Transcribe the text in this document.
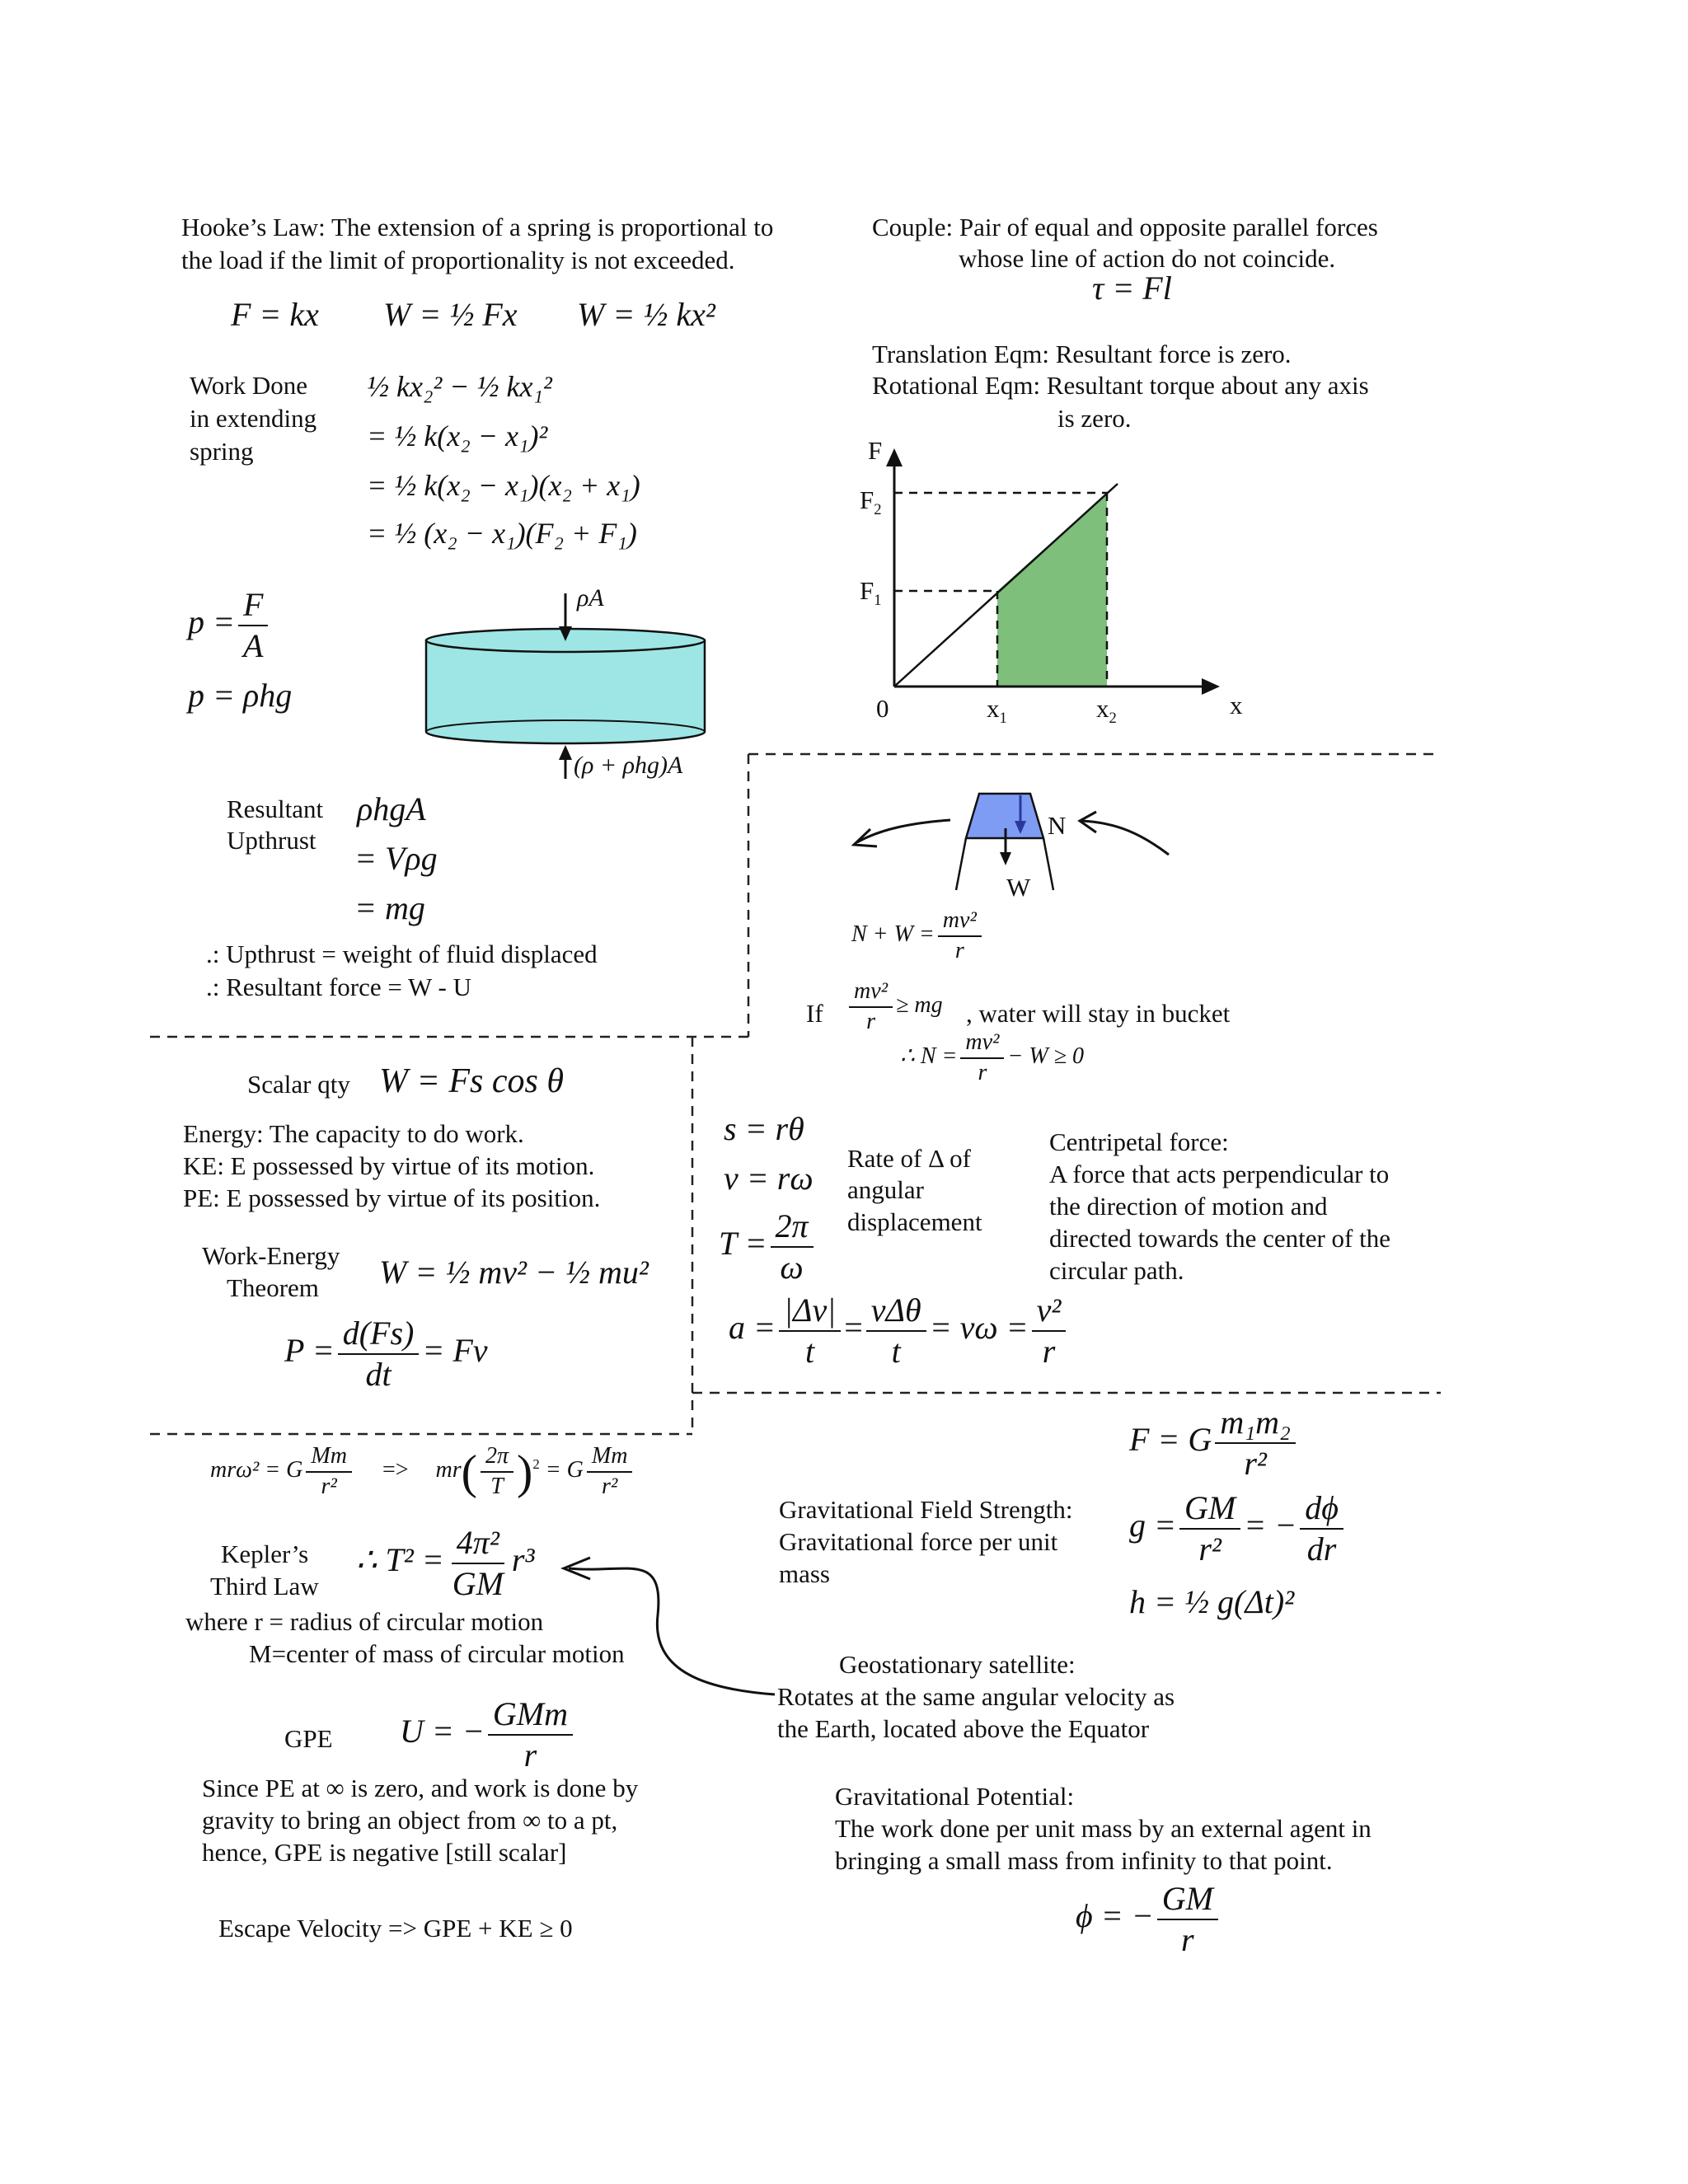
Hooke’s Law: The extension of a spring is proportional to
the load if the limit of proportionality is not exceeded.
F = kx W = ½ Fx W = ½ kx²
Work Done
in extending
spring
½ kx₂² − ½ kx₁²
= ½ k(x₂ − x₁)²
= ½ k(x₂ − x₁)(x₂ + x₁)
= ½ (x₂ − x₁)(F₂ + F₁)
Couple: Pair of equal and opposite parallel forces
whose line of action do not coincide.
τ = Fl
Translation Eqm: Resultant force is zero.
Rotational Eqm: Resultant torque about any axis
is zero.
F
$F_2$
$F_1$
0	$x_1$	$x_2$	x
$p = \frac{F}{A}$
p = ρhg
ρA
(ρ + ρhg)A
Resultant
Upthrust
ρhgA
= Vρg
= mg
.: Upthrust = weight of fluid displaced
.: Resultant force = W - U
N
W
$N + W = \frac{\text{mv²}}{r}$
If $\frac{\text{mv²}}{r}$ ≥ mg , water will stay in bucket
∴ $N = \frac{\text{mv²}}{r} - W \ge 0$
Scalar qty W = Fs cos θ
Energy: The capacity to do work.
KE: E possessed by virtue of its motion.
PE: E possessed by virtue of its position.
Work-Energy
Theorem W = ½ mv² − ½ mu²
$P = \frac{d(Fs)}{dt} = Fv$
s = rθ
v = rω
$T = \frac{2\pi}{\omega}$
Rate of Δ of
angular
displacement
$a = \frac{|\Delta v|}{t} = \frac{\text{vΔθ}}{t} = v\omega = \frac{\text{v²}}{r}$
Centripetal force:
A force that acts perpendicular to
the direction of motion and
directed towards the center of the
circular path.
mrω² = G $\frac{Mm}{\text{r²}} => mr( \frac{2\pi}{T} )^2 = G \frac{Mm}{\text{r²}}$
Kepler’s
Third Law
∴ $T^2 = \frac{\text{4π²}}{GM} r^3$
where r = radius of circular motion
M=center of mass of circular motion
F = G $\frac{\text{m₁m₂}}{\text{r²}}$
Gravitational Field Strength:
Gravitational force per unit
mass
$g = \frac{GM}{\text{r²}}$ = − $\frac{d\phi}{dr}$
h = ½ g(Δt)²
Geostationary satellite:
Rotates at the same angular velocity as
the Earth, located above the Equator
GPE U = − $\frac{\text{GMm}}{r}$
Since PE at ∞ is zero, and work is done by
gravity to bring an object from ∞ to a pt,
hence, GPE is negative [still scalar]
Escape Velocity => GPE + KE ≥ 0
Gravitational Potential:
The work done per unit mass by an external agent in
bringing a small mass from infinity to that point.
ϕ = − $\frac{GM}{r}$
